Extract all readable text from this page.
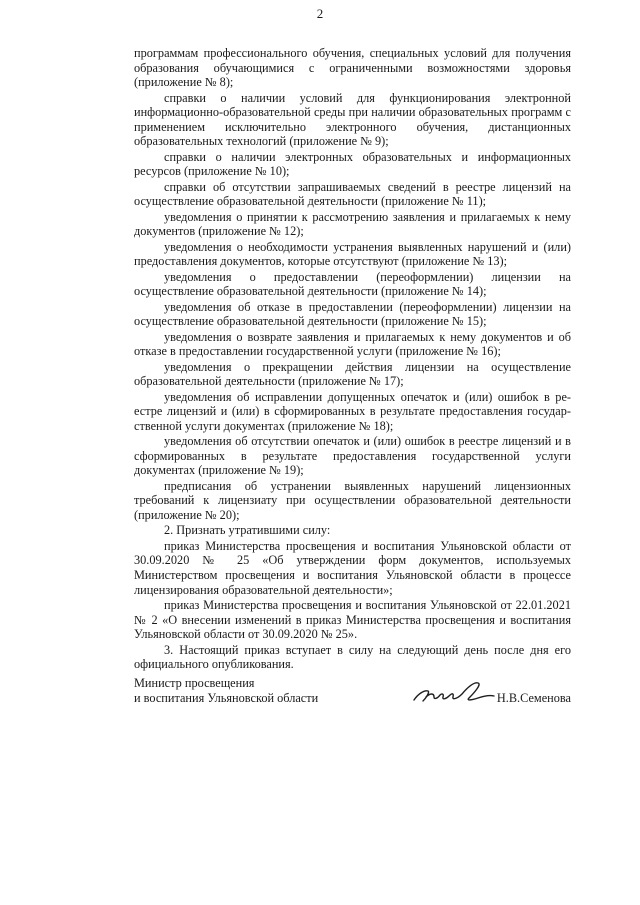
2

программам профессионального обучения, специальных условий для получения образования обучающимися с ограниченными возможностями здоровья (приложение № 8);

справки о наличии условий для функционирования электронной информационно-образовательной среды при наличии образовательных программ с применением исключительно электронного обучения, дистанционных образовательных технологий (приложение № 9);

справки о наличии электронных образовательных и информационных ресурсов (приложение № 10);

справки об отсутствии запрашиваемых сведений в реестре лицензий на осуществление образовательной деятельности (приложение № 11);

уведомления о принятии к рассмотрению заявления и прилагаемых к нему документов (приложение № 12);

уведомления о необходимости устранения выявленных нарушений и (или) предоставления документов, которые отсутствуют (приложение № 13);

уведомления о предоставлении (переоформлении) лицензии на осуществление образовательной деятельности (приложение № 14);

уведомления об отказе в предоставлении (переоформлении) лицензии на осуществление образовательной деятельности (приложение № 15);

уведомления о возврате заявления и прилагаемых к нему документов и об отказе в предоставлении государственной услуги (приложение № 16);

уведомления о прекращении действия лицензии на осуществление образовательной деятельности (приложение № 17);

уведомления об исправлении допущенных опечаток и (или) ошибок в ре-естре лицензий и (или) в сформированных в результате предоставления государ-ственной услуги документах (приложение № 18);

уведомления об отсутствии опечаток и (или) ошибок в реестре лицензий и в сформированных в результате предоставления государственной услуги документах (приложение № 19);

предписания об устранении выявленных нарушений лицензионных требований к лицензиату при осуществлении образовательной деятельности (приложение № 20);

2. Признать утратившими силу:

приказ Министерства просвещения и воспитания Ульяновской области от 30.09.2020 № 25 «Об утверждении форм документов, используемых Министерством просвещения и воспитания Ульяновской области в процессе лицензирования образовательной деятельности»;

приказ Министерства просвещения и воспитания Ульяновской от 22.01.2021 № 2 «О внесении изменений в приказ Министерства просвещения и воспитания Ульяновской области от 30.09.2020 № 25».

3. Настоящий приказ вступает в силу на следующий день после дня его официального опубликования.

Министр просвещения
и воспитания Ульяновской области	Н.В.Семенова
